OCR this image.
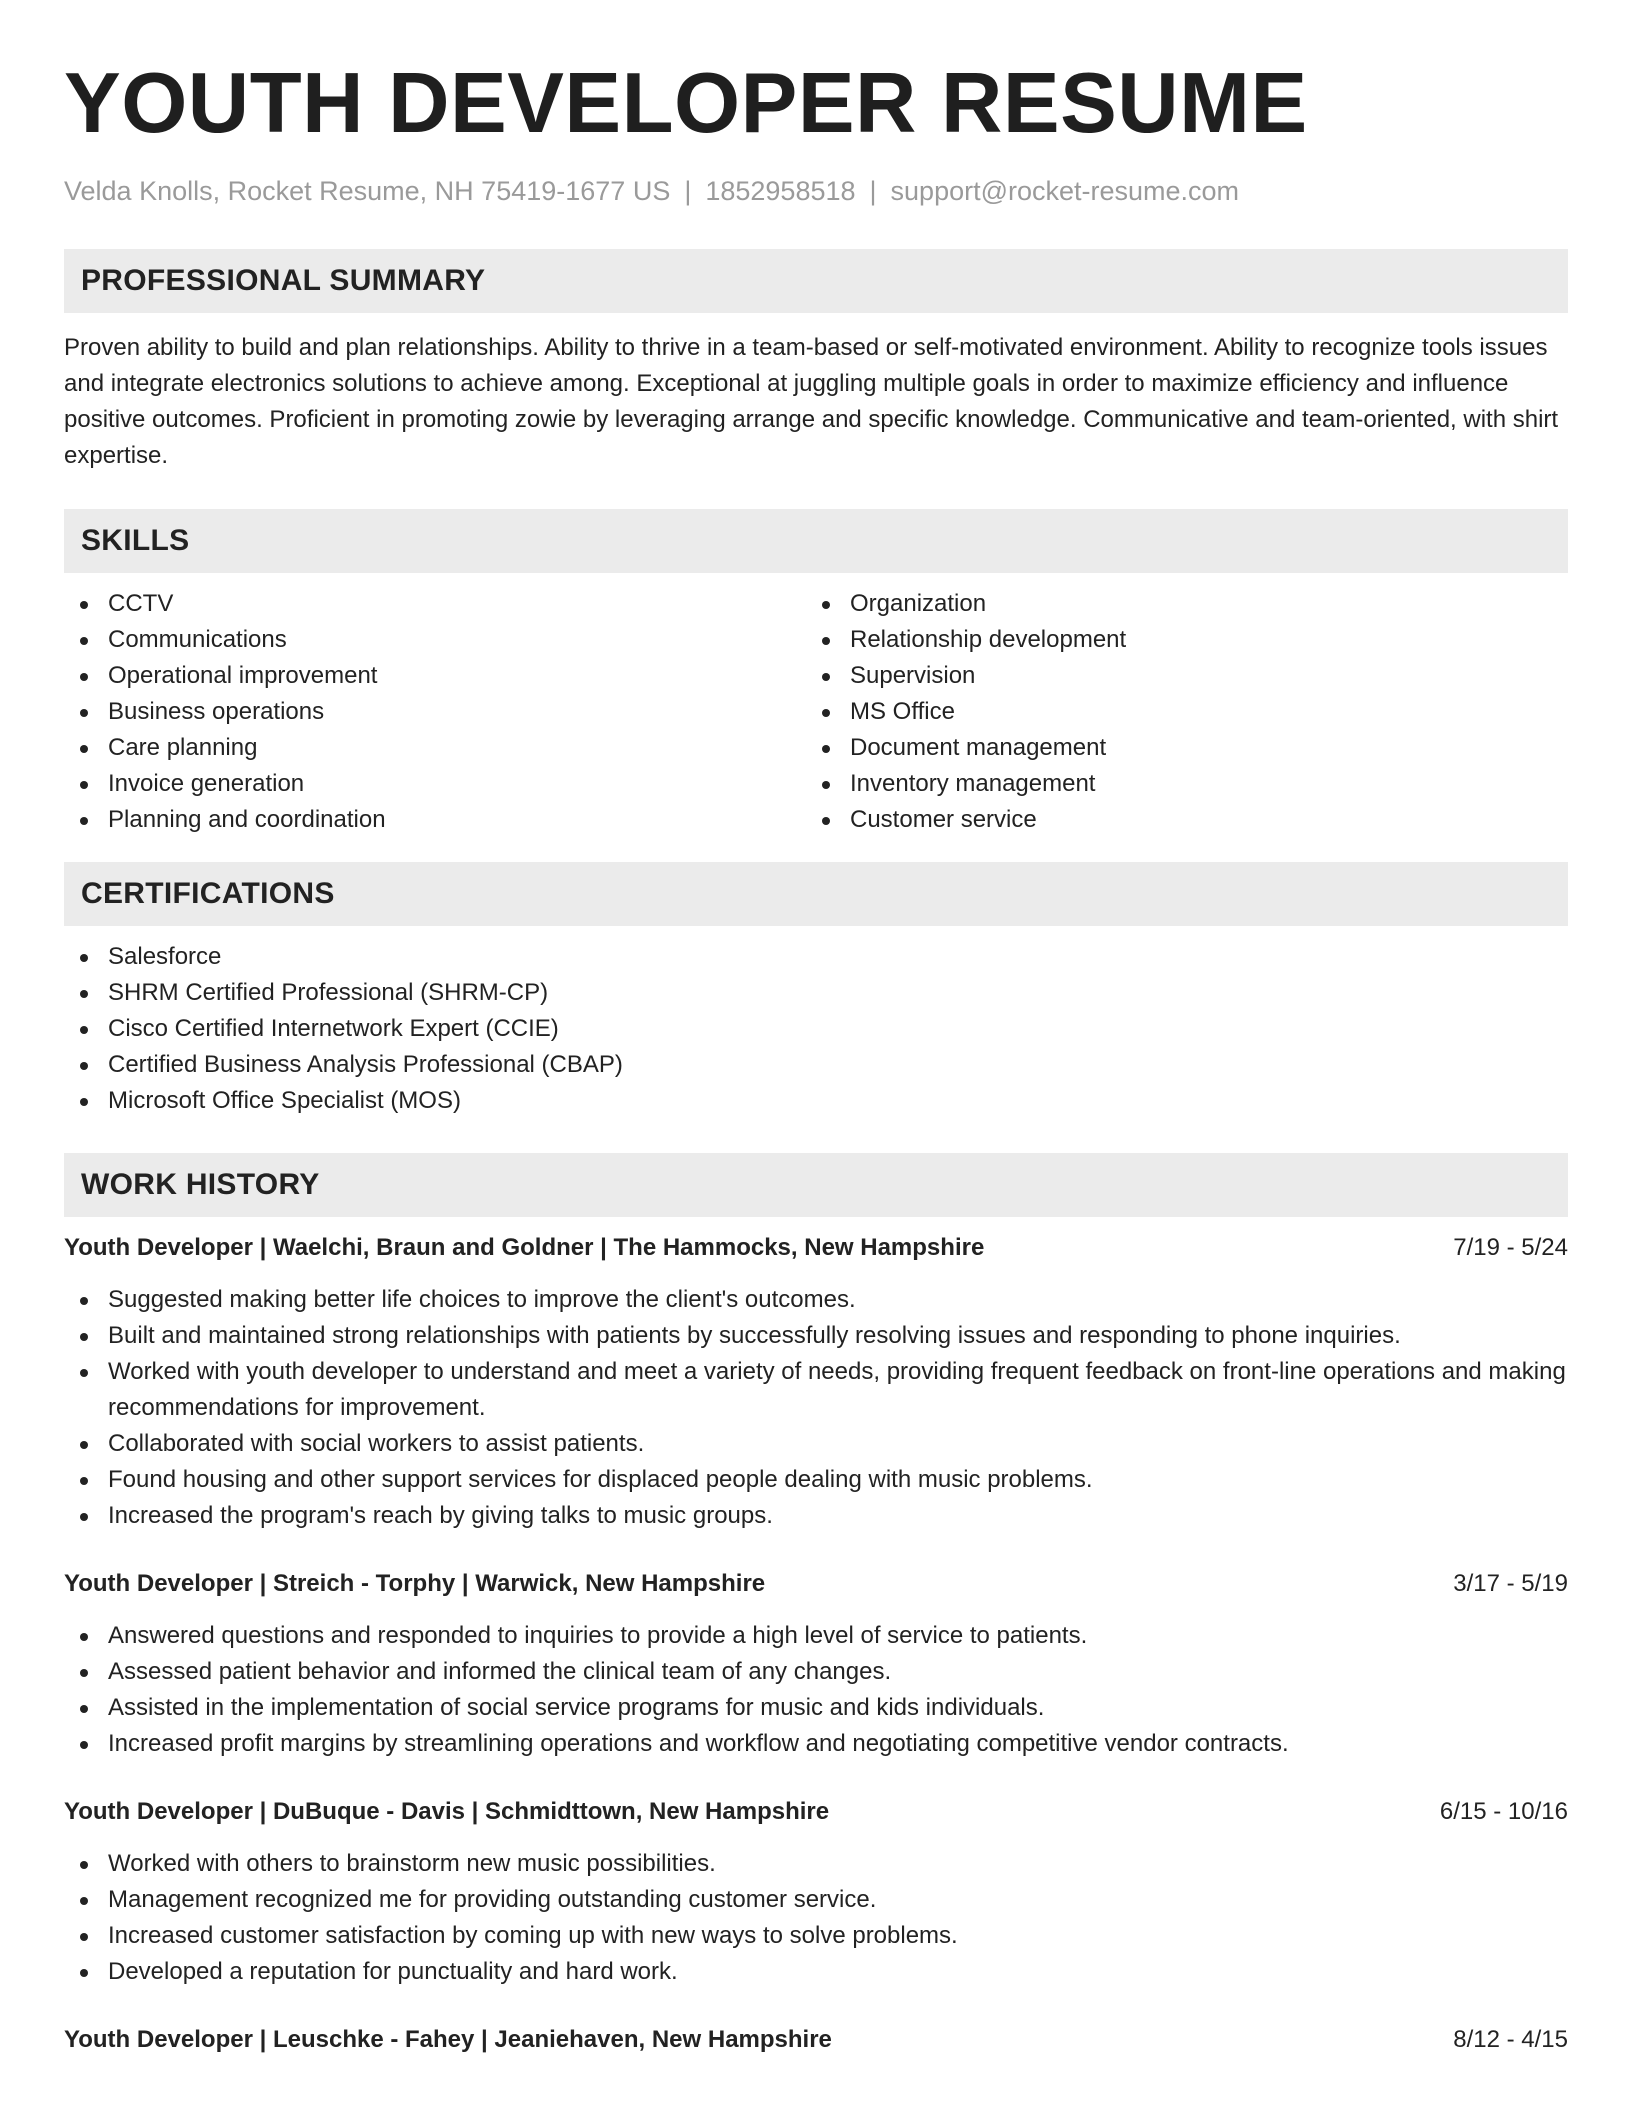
YOUTH DEVELOPER RESUME
Velda Knolls, Rocket Resume, NH 75419-1677 US | 1852958518 | support@rocket-resume.com
PROFESSIONAL SUMMARY
Proven ability to build and plan relationships. Ability to thrive in a team-based or self-motivated environment. Ability to recognize tools issues and integrate electronics solutions to achieve among. Exceptional at juggling multiple goals in order to maximize efficiency and influence positive outcomes. Proficient in promoting zowie by leveraging arrange and specific knowledge. Communicative and team-oriented, with shirt expertise.
SKILLS
CCTV
Communications
Operational improvement
Business operations
Care planning
Invoice generation
Planning and coordination
Organization
Relationship development
Supervision
MS Office
Document management
Inventory management
Customer service
CERTIFICATIONS
Salesforce
SHRM Certified Professional (SHRM-CP)
Cisco Certified Internetwork Expert (CCIE)
Certified Business Analysis Professional (CBAP)
Microsoft Office Specialist (MOS)
WORK HISTORY
Youth Developer | Waelchi, Braun and Goldner | The Hammocks, New Hampshire	7/19 - 5/24
Suggested making better life choices to improve the client's outcomes.
Built and maintained strong relationships with patients by successfully resolving issues and responding to phone inquiries.
Worked with youth developer to understand and meet a variety of needs, providing frequent feedback on front-line operations and making recommendations for improvement.
Collaborated with social workers to assist patients.
Found housing and other support services for displaced people dealing with music problems.
Increased the program's reach by giving talks to music groups.
Youth Developer | Streich - Torphy | Warwick, New Hampshire	3/17 - 5/19
Answered questions and responded to inquiries to provide a high level of service to patients.
Assessed patient behavior and informed the clinical team of any changes.
Assisted in the implementation of social service programs for music and kids individuals.
Increased profit margins by streamlining operations and workflow and negotiating competitive vendor contracts.
Youth Developer | DuBuque - Davis | Schmidttown, New Hampshire	6/15 - 10/16
Worked with others to brainstorm new music possibilities.
Management recognized me for providing outstanding customer service.
Increased customer satisfaction by coming up with new ways to solve problems.
Developed a reputation for punctuality and hard work.
Youth Developer | Leuschke - Fahey | Jeaniehaven, New Hampshire	8/12 - 4/15
